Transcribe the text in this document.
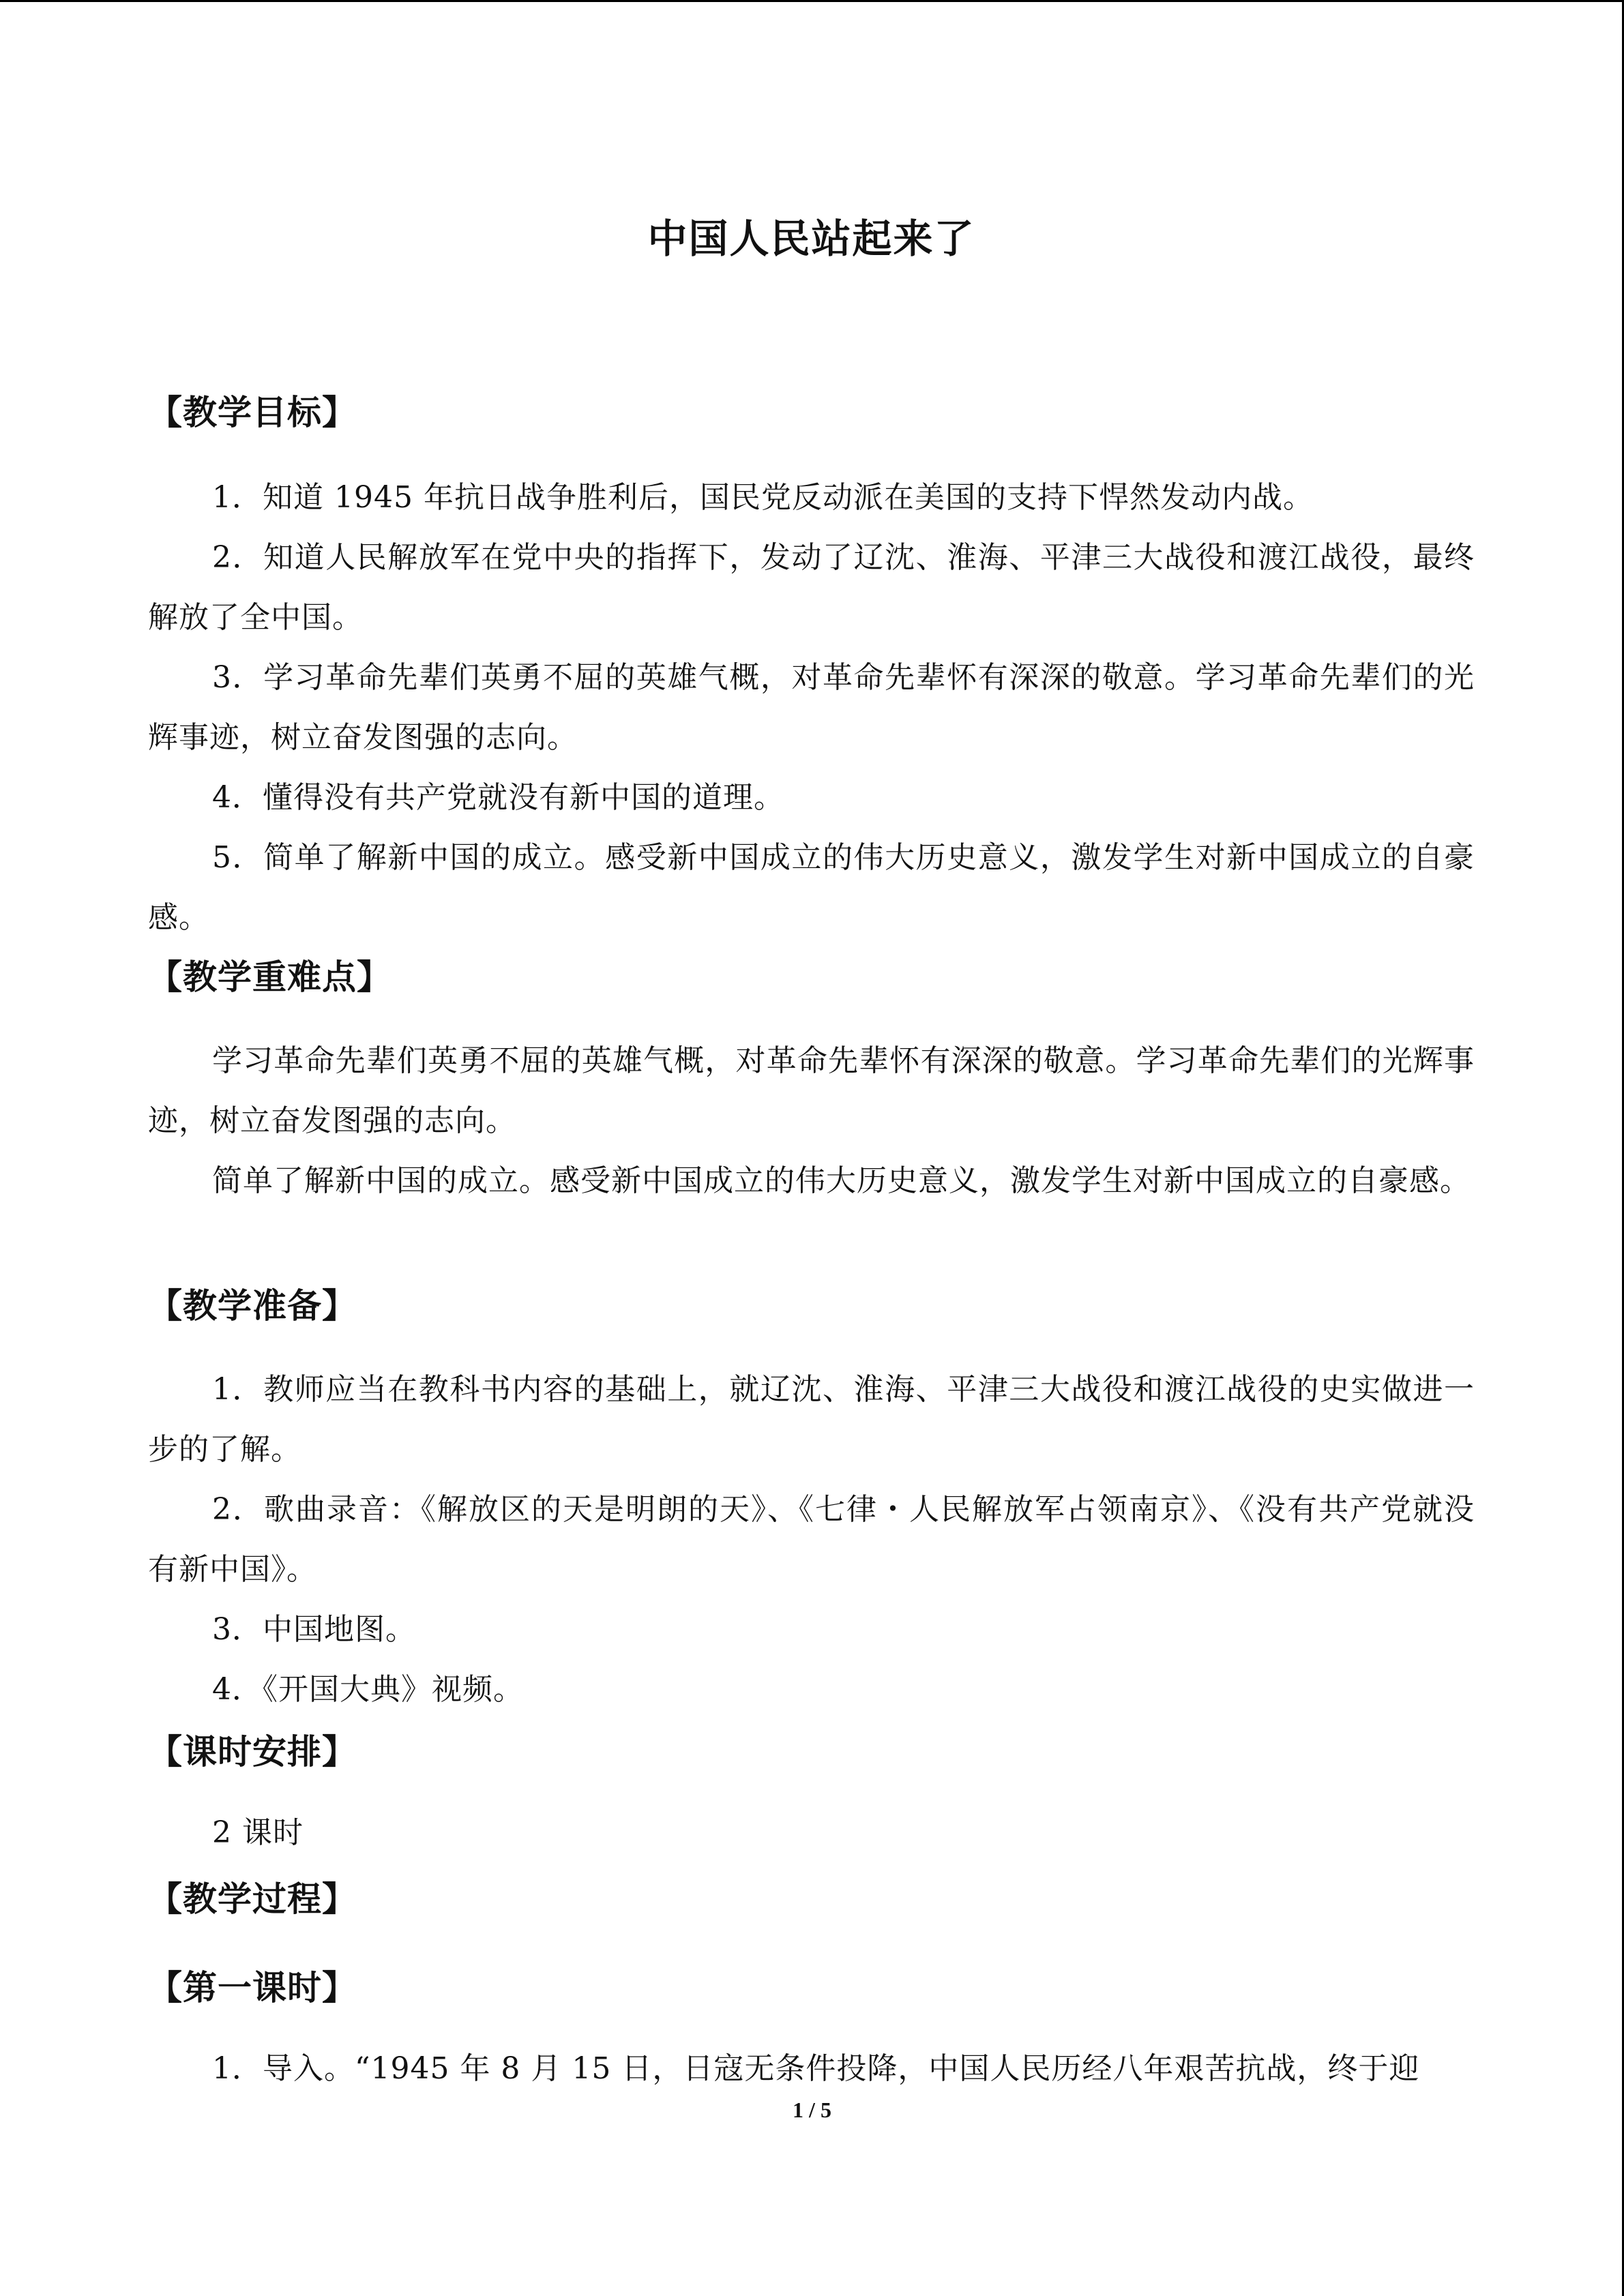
中国人民站起来了
【教学目标】
1．知道 1945 年抗日战争胜利后，国民党反动派在美国的支持下悍然发动内战。
2．知道人民解放军在党中央的指挥下，发动了辽沈、淮海、平津三大战役和渡江战役，最终解放了全中国。
3．学习革命先辈们英勇不屈的英雄气概，对革命先辈怀有深深的敬意。学习革命先辈们的光辉事迹，树立奋发图强的志向。
4．懂得没有共产党就没有新中国的道理。
5．简单了解新中国的成立。感受新中国成立的伟大历史意义，激发学生对新中国成立的自豪感。
【教学重难点】
学习革命先辈们英勇不屈的英雄气概，对革命先辈怀有深深的敬意。学习革命先辈们的光辉事迹，树立奋发图强的志向。
简单了解新中国的成立。感受新中国成立的伟大历史意义，激发学生对新中国成立的自豪感。
【教学准备】
1．教师应当在教科书内容的基础上，就辽沈、淮海、平津三大战役和渡江战役的史实做进一步的了解。
2．歌曲录音：《解放区的天是明朗的天》、《七律・人民解放军占领南京》、《没有共产党就没有新中国》。
3．中国地图。
4．《开国大典》视频。
【课时安排】
2 课时
【教学过程】
【第一课时】
1．导入。“1945 年 8 月 15 日，日寇无条件投降，中国人民历经八年艰苦抗战，终于迎
1 / 5
